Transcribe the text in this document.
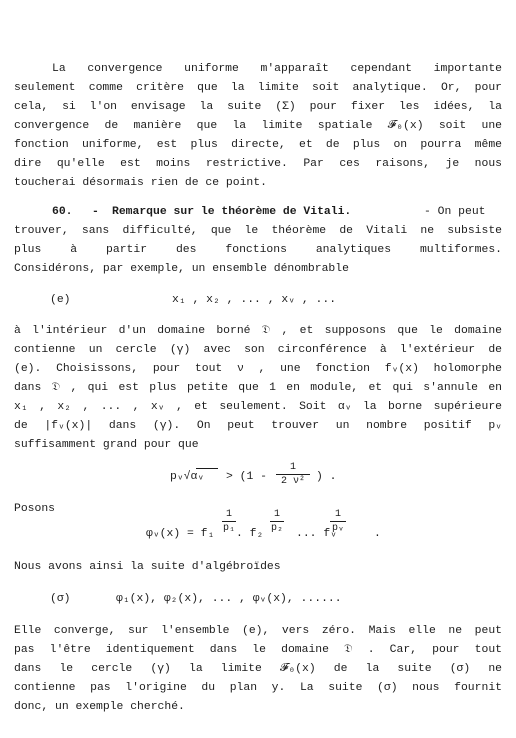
La convergence uniforme m'apparaît cependant importante
seulement comme critère que la limite soit analytique. Or, pour
cela, si l'on envisage la suite (Σ) pour fixer les idées, la
convergence de manière que la limite spatiale 𝓕₀(x) soit une
fonction uniforme, est plus directe, et de plus on pourra même
dire qu'elle est moins restrictive. Par ces raisons, je nous
toucherai désormais rien de ce point.
60. - Remarque sur le théorème de Vitali.	- On peut
trouver, sans difficulté, que le théorème de Vitali ne subsiste
plus à partir des fonctions analytiques multiformes.
Considérons, par exemple, un ensemble dénombrable
(e)	x₁ , x₂ , ... , xᵥ , ...
à l'intérieur d'un domaine borné 𝔇 , et supposons que le domaine
contienne un cercle (γ) avec son circonférence à l'extérieur de
(e). Choisissons, pour tout ν , une fonction fᵥ(x) holomorphe
dans 𝔇 , qui est plus petite que 1 en module, et qui s'annule en
x₁ , x₂ , ... , xᵥ , et seulement. Soit αᵥ la borne supérieure
de |fᵥ(x)| dans (γ). On peut trouver un nombre positif pᵥ
suffisamment grand pour que
pᵥ√αᵥ > (1 -
1
2 ν² ) .
Posons
φᵥ(x) = f₁
1
p₁ . f₂
1
p₂ ... fᵥ
1
pᵥ	.
Nous avons ainsi la suite d'algébroïdes
(σ)	φ₁(x), φ₂(x), ... , φᵥ(x), ......
Elle converge, sur l'ensemble (e), vers zéro. Mais elle ne peut
pas l'être identiquement dans le domaine 𝔇 . Car, pour tout
dans le cercle (γ) la limite 𝓕₀(x) de la suite (σ) ne
contienne pas l'origine du plan y. La suite (σ) nous fournit
donc, un exemple cherché.
